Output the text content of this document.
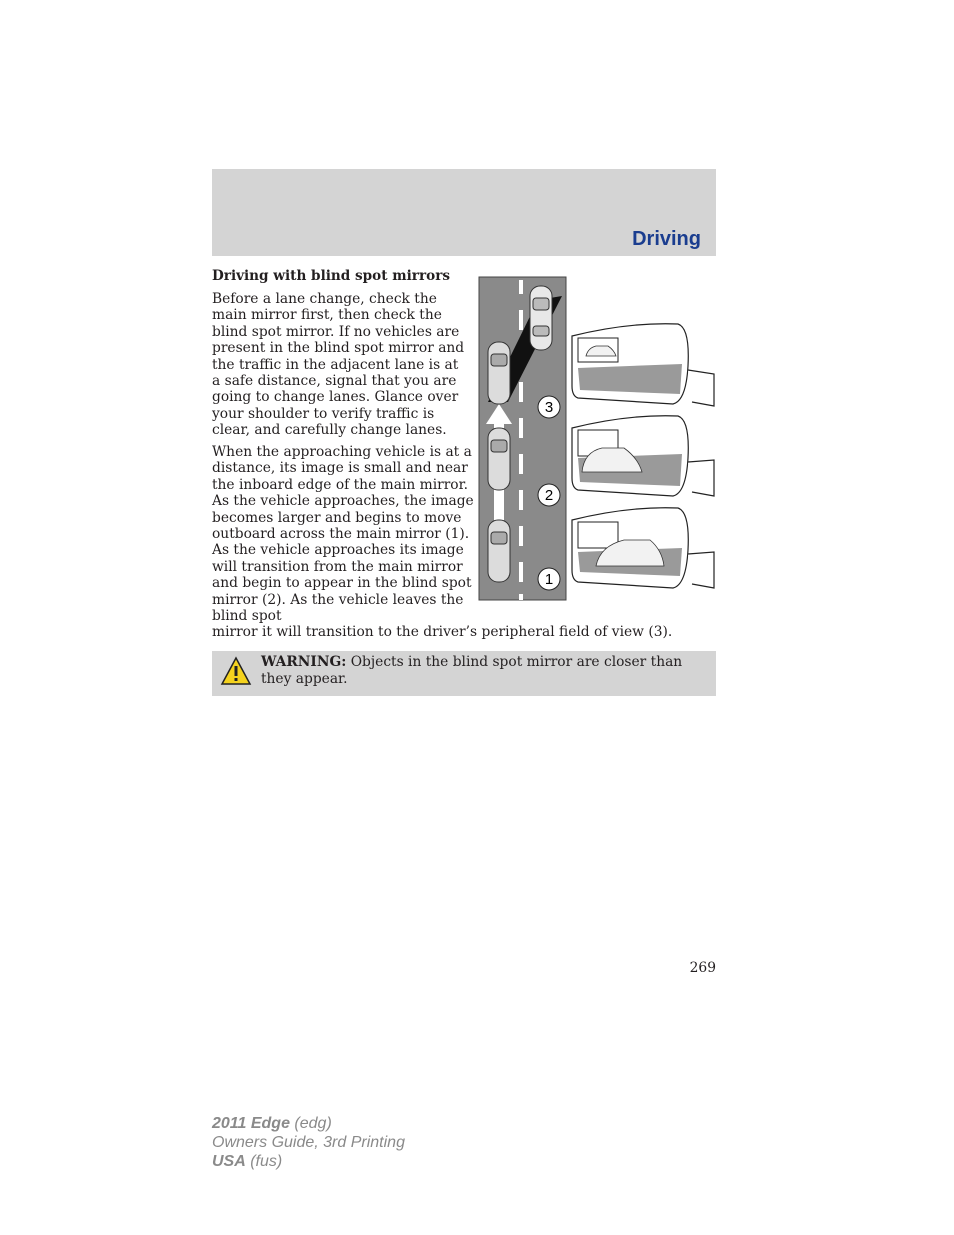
Driving
Driving with blind spot mirrors
Before a lane change, check the main mirror first, then check the blind spot mirror. If no vehicles are present in the blind spot mirror and the traffic in the adjacent lane is at a safe distance, signal that you are going to change lanes. Glance over your shoulder to verify traffic is clear, and carefully change lanes.
When the approaching vehicle is at a distance, its image is small and near the inboard edge of the main mirror. As the vehicle approaches, the image becomes larger and begins to move outboard across the main mirror (1). As the vehicle approaches its image will transition from the main mirror and begin to appear in the blind spot mirror (2). As the vehicle leaves the blind spot
mirror it will transition to the driver’s peripheral field of view (3).
3
2
1
WARNING: Objects in the blind spot mirror are closer than they appear.
269
2011 Edge (edg)
Owners Guide, 3rd Printing
USA (fus)
